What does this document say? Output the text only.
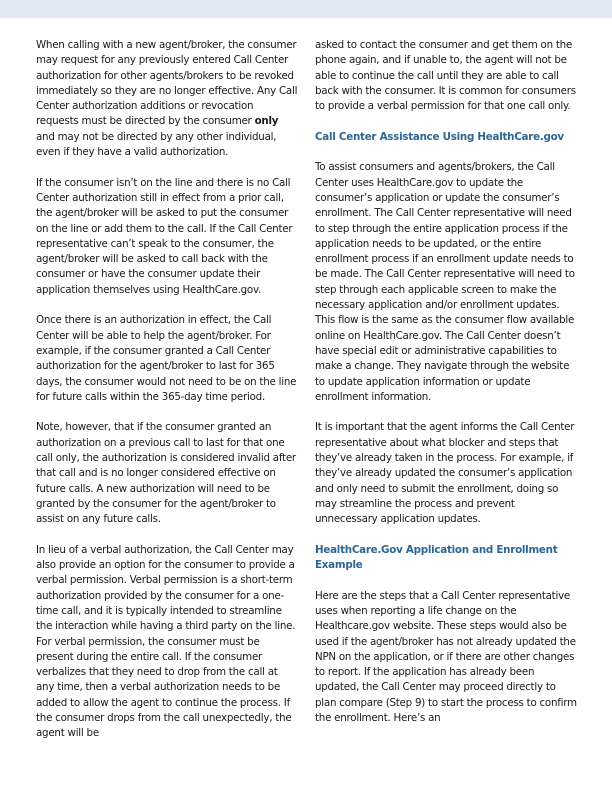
When calling with a new agent/broker, the consumer may request for any previously entered Call Center authorization for other agents/brokers to be revoked immediately so they are no longer effective. Any Call Center authorization additions or revocation requests must be directed by the consumer only and may not be directed by any other individual, even if they have a valid authorization.

If the consumer isn’t on the line and there is no Call Center authorization still in effect from a prior call, the agent/broker will be asked to put the consumer on the line or add them to the call. If the Call Center representative can’t speak to the consumer, the agent/broker will be asked to call back with the consumer or have the consumer update their application themselves using HealthCare.gov.

Once there is an authorization in effect, the Call Center will be able to help the agent/broker. For example, if the consumer granted a Call Center authorization for the agent/broker to last for 365 days, the consumer would not need to be on the line for future calls within the 365-day time period.

Note, however, that if the consumer granted an authorization on a previous call to last for that one call only, the authorization is considered invalid after that call and is no longer considered effective on future calls. A new authorization will need to be granted by the consumer for the agent/broker to assist on any future calls.

In lieu of a verbal authorization, the Call Center may also provide an option for the consumer to provide a verbal permission. Verbal permission is a short-term authorization provided by the consumer for a one-time call, and it is typically intended to streamline the interaction while having a third party on the line. For verbal permission, the consumer must be present during the entire call. If the consumer verbalizes that they need to drop from the call at any time, then a verbal authorization needs to be added to allow the agent to continue the process. If the consumer drops from the call unexpectedly, the agent will be

asked to contact the consumer and get them on the phone again, and if unable to, the agent will not be able to continue the call until they are able to call back with the consumer. It is common for consumers to provide a verbal permission for that one call only.

Call Center Assistance Using HealthCare.gov

To assist consumers and agents/brokers, the Call Center uses HealthCare.gov to update the consumer’s application or update the consumer’s enrollment. The Call Center representative will need to step through the entire application process if the application needs to be updated, or the entire enrollment process if an enrollment update needs to be made. The Call Center representative will need to step through each applicable screen to make the necessary application and/or enrollment updates. This flow is the same as the consumer flow available online on HealthCare.gov. The Call Center doesn’t have special edit or administrative capabilities to make a change. They navigate through the website to update application information or update enrollment information.

It is important that the agent informs the Call Center representative about what blocker and steps that they’ve already taken in the process. For example, if they’ve already updated the consumer’s application and only need to submit the enrollment, doing so may streamline the process and prevent unnecessary application updates.

HealthCare.Gov Application and Enrollment Example

Here are the steps that a Call Center representative uses when reporting a life change on the Healthcare.gov website. These steps would also be used if the agent/broker has not already updated the NPN on the application, or if there are other changes to report. If the application has already been updated, the Call Center may proceed directly to plan compare (Step 9) to start the process to confirm the enrollment. Here’s an
